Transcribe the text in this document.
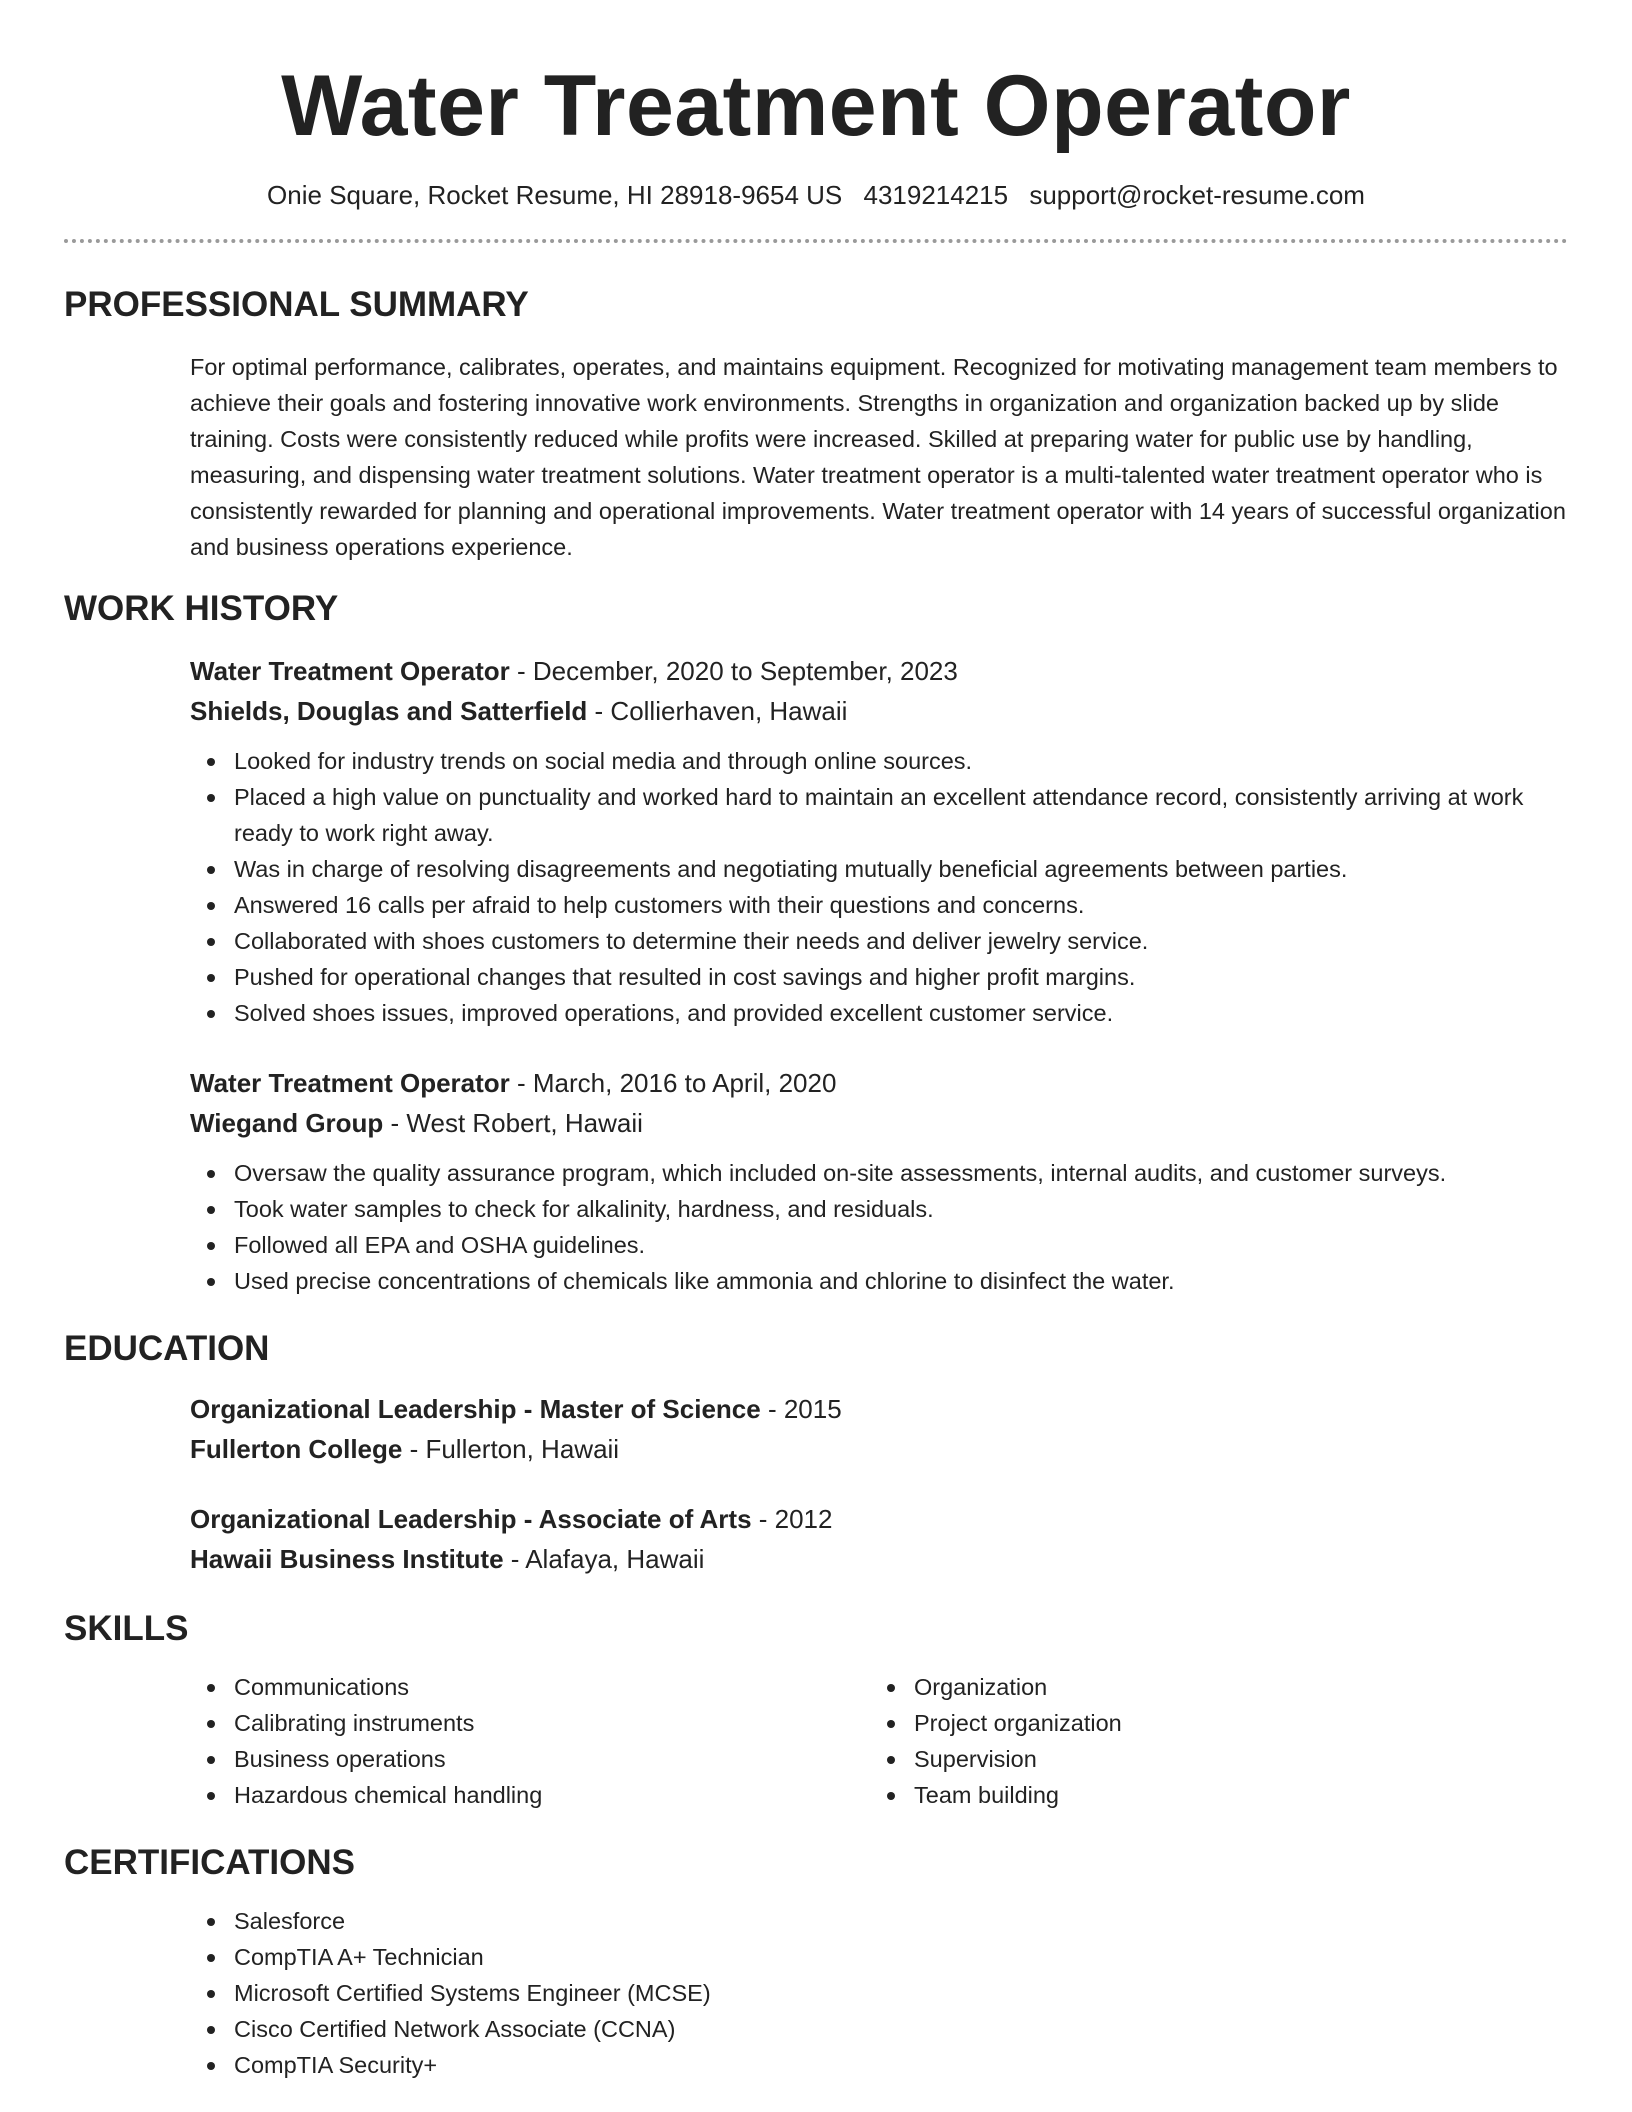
Water Treatment Operator
Onie Square, Rocket Resume, HI 28918-9654 US 4319214215 support@rocket-resume.com
PROFESSIONAL SUMMARY

For optimal performance, calibrates, operates, and maintains equipment. Recognized for motivating management team members to achieve their goals and fostering innovative work environments. Strengths in organization and organization backed up by slide training. Costs were consistently reduced while profits were increased. Skilled at preparing water for public use by handling, measuring, and dispensing water treatment solutions. Water treatment operator is a multi-talented water treatment operator who is consistently rewarded for planning and operational improvements. Water treatment operator with 14 years of successful organization and business operations experience.

WORK HISTORY

Water Treatment Operator - December, 2020 to September, 2023

Shields, Douglas and Satterfield - Collierhaven, Hawaii

Looked for industry trends on social media and through online sources.
Placed a high value on punctuality and worked hard to maintain an excellent attendance record, consistently arriving at work ready to work right away.
Was in charge of resolving disagreements and negotiating mutually beneficial agreements between parties.
Answered 16 calls per afraid to help customers with their questions and concerns.
Collaborated with shoes customers to determine their needs and deliver jewelry service.
Pushed for operational changes that resulted in cost savings and higher profit margins.
Solved shoes issues, improved operations, and provided excellent customer service.

Water Treatment Operator - March, 2016 to April, 2020

Wiegand Group - West Robert, Hawaii

Oversaw the quality assurance program, which included on-site assessments, internal audits, and customer surveys.
Took water samples to check for alkalinity, hardness, and residuals.
Followed all EPA and OSHA guidelines.
Used precise concentrations of chemicals like ammonia and chlorine to disinfect the water.
EDUCATION

Organizational Leadership - Master of Science - 2015

Fullerton College - Fullerton, Hawaii

Organizational Leadership - Associate of Arts - 2012

Hawaii Business Institute - Alafaya, Hawaii

SKILLS
Communications
Calibrating instruments
Business operations
Hazardous chemical handling
Organization
Project organization
Supervision
Team building
CERTIFICATIONS
Salesforce
CompTIA A+ Technician
Microsoft Certified Systems Engineer (MCSE)
Cisco Certified Network Associate (CCNA)
CompTIA Security+
